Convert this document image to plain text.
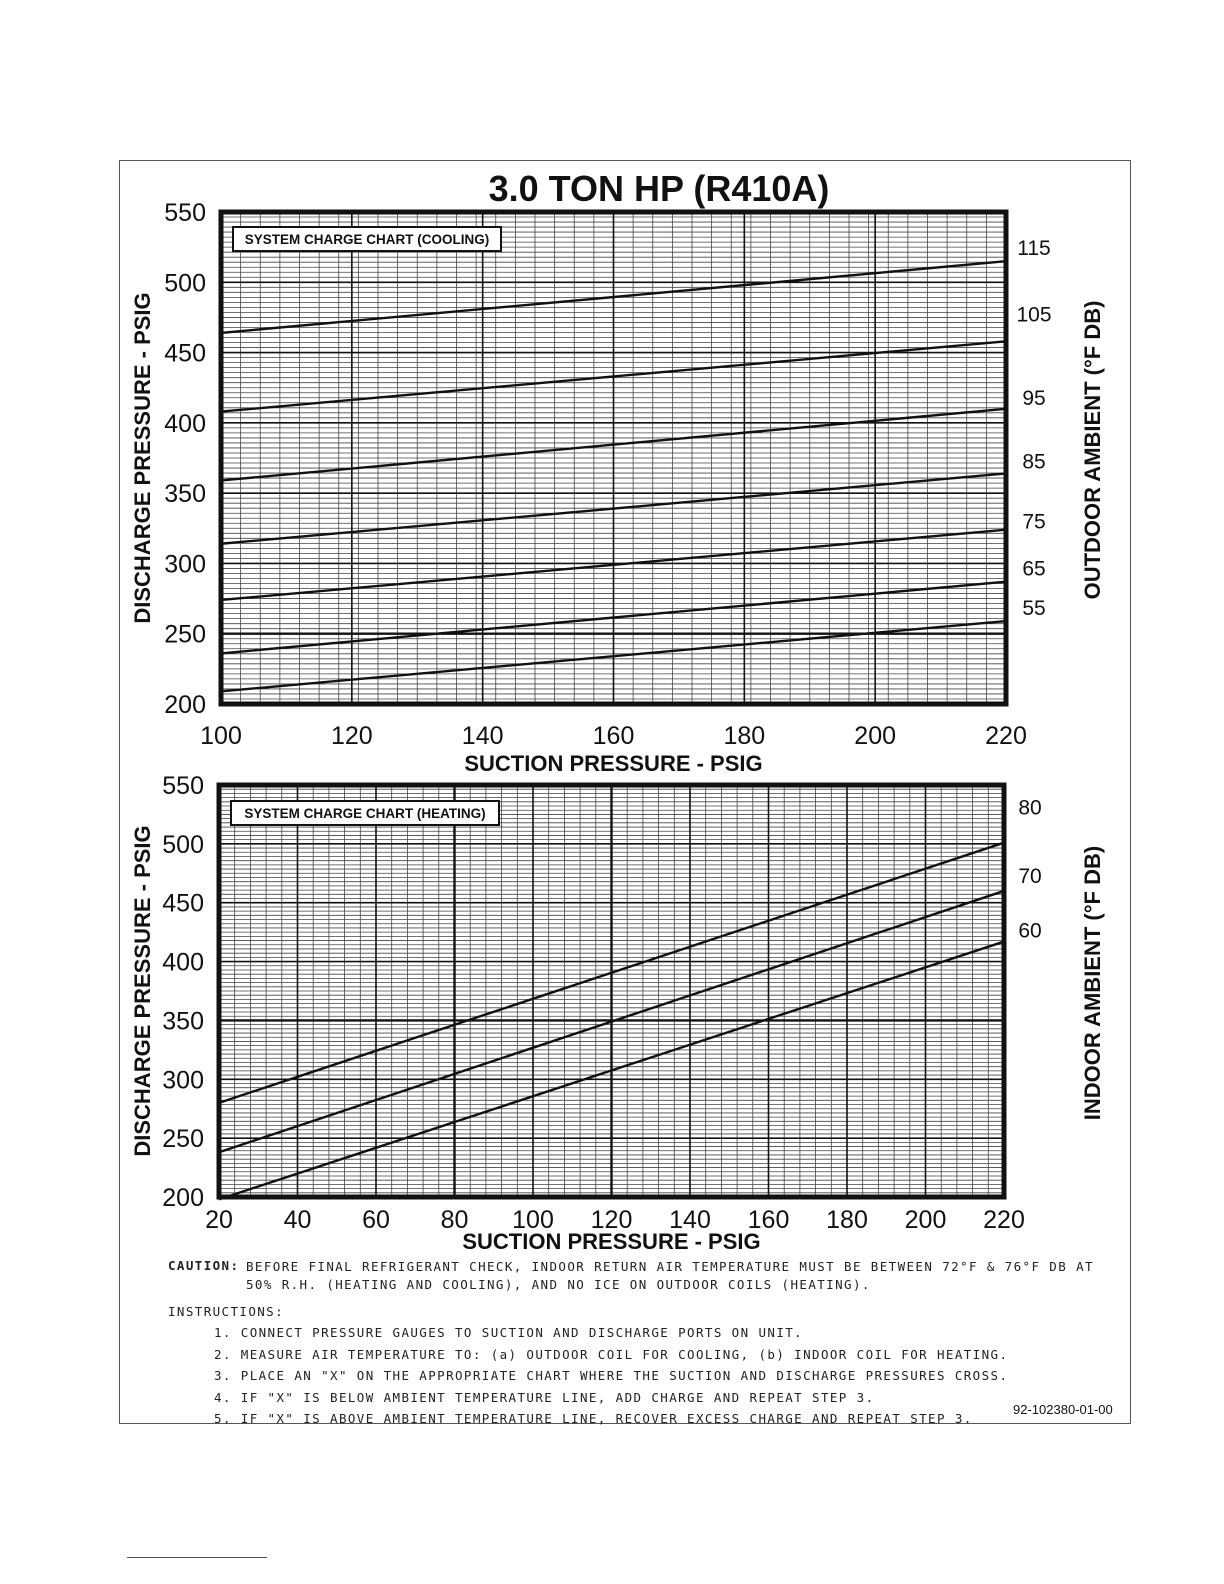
3.0 TON HP (R410A)
115
105
95
85
75
65
55
100	120	140	160	180	200	220
200
250
300
350
400
450
500
550
SUCTION PRESSURE - PSIG
DISCHARGE PRESSURE - PSIG	OUTDOOR AMBIENT (°F DB)
SYSTEM CHARGE CHART (COOLING)
80
70
60
20 40 60 80 100 120 140 160 180 200 220
200
250
300
350
400
450
500
550
SUCTION PRESSURE - PSIG
DISCHARGE PRESSURE - PSIG	INDOOR AMBIENT (°F DB)
SYSTEM CHARGE CHART (HEATING)
CAUTION: BEFORE FINAL REFRIGERANT CHECK, INDOOR RETURN AIR TEMPERATURE MUST BE BETWEEN 72°F & 76°F DB AT 50% R.H. (HEATING AND COOLING), AND NO ICE ON OUTDOOR COILS (HEATING).
INSTRUCTIONS:
1. CONNECT PRESSURE GAUGES TO SUCTION AND DISCHARGE PORTS ON UNIT.
2. MEASURE AIR TEMPERATURE TO: (a) OUTDOOR COIL FOR COOLING, (b) INDOOR COIL FOR HEATING.
3. PLACE AN "X" ON THE APPROPRIATE CHART WHERE THE SUCTION AND DISCHARGE PRESSURES CROSS.
4. IF "X" IS BELOW AMBIENT TEMPERATURE LINE, ADD CHARGE AND REPEAT STEP 3.
5. IF "X" IS ABOVE AMBIENT TEMPERATURE LINE, RECOVER EXCESS CHARGE AND REPEAT STEP 3.
92-102380-01-00
